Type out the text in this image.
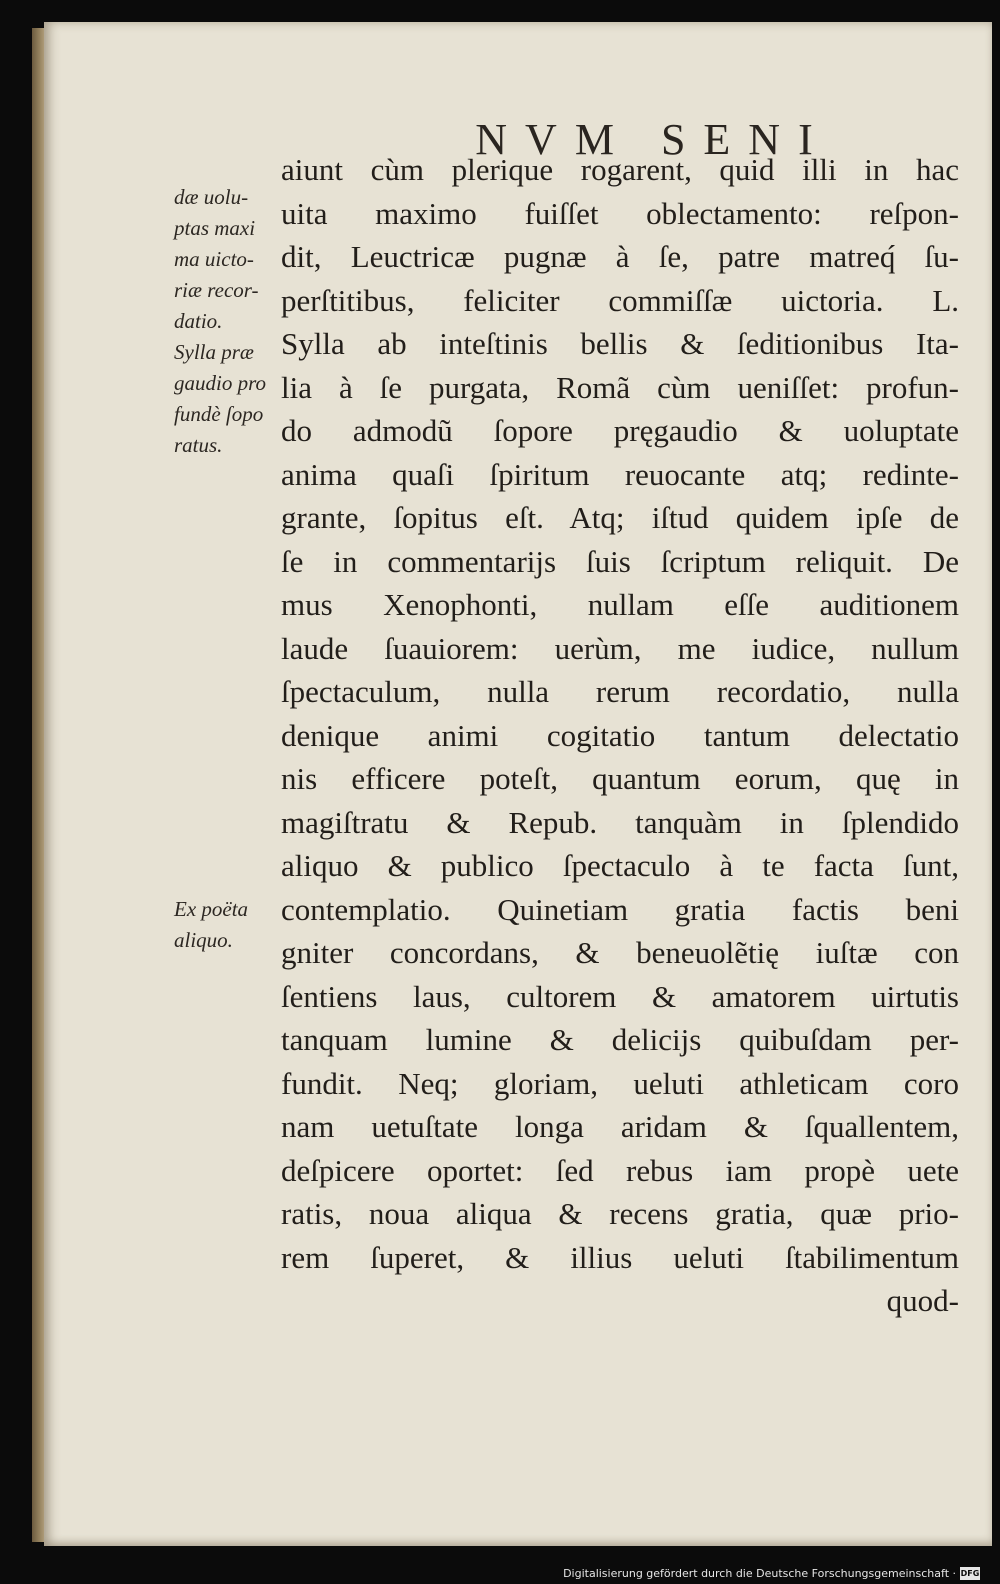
NVM SENI
dæ uolu-
ptas maxi
ma uicto-
riæ recor-
datio.
Sylla præ
gaudio pro
fundè ſopo
ratus.
Ex poëta
aliquo.
aiunt cùm plerique rogarent, quid illi in hac
uita maximo fuiſſet oblectamento: reſpon-
dit, Leuctricæ pugnæ à ſe, patre matreq́ ſu-
perſtitibus, feliciter commiſſæ uictoria. L.
Sylla ab inteſtinis bellis & ſeditionibus Ita-
lia à ſe purgata, Romã cùm ueniſſet: profun-
do admodũ ſopore pręgaudio & uoluptate
anima quaſi ſpiritum reuocante atq; redinte-
grante, ſopitus eſt. Atq; iſtud quidem ipſe de
ſe in commentarijs ſuis ſcriptum reliquit. De
mus Xenophonti, nullam eſſe auditionem
laude ſuauiorem: uerùm, me iudice, nullum
ſpectaculum, nulla rerum recordatio, nulla
denique animi cogitatio tantum delectatio
nis efficere poteſt, quantum eorum, quę in
magiſtratu & Repub. tanquàm in ſplendido
aliquo & publico ſpectaculo à te facta ſunt,
contemplatio. Quinetiam gratia factis beni
gniter concordans, & beneuolẽtię iuſtæ con
ſentiens laus, cultorem & amatorem uirtutis
tanquam lumine & delicijs quibuſdam per-
fundit. Neq; gloriam, ueluti athleticam coro
nam uetuſtate longa aridam & ſquallentem,
deſpicere oportet: ſed rebus iam propè uete
ratis, noua aliqua & recens gratia, quæ prio-
rem ſuperet, & illius ueluti ſtabilimentum
quod-
Digitalisierung gefördert durch die Deutsche Forschungsgemeinschaft · DFG
